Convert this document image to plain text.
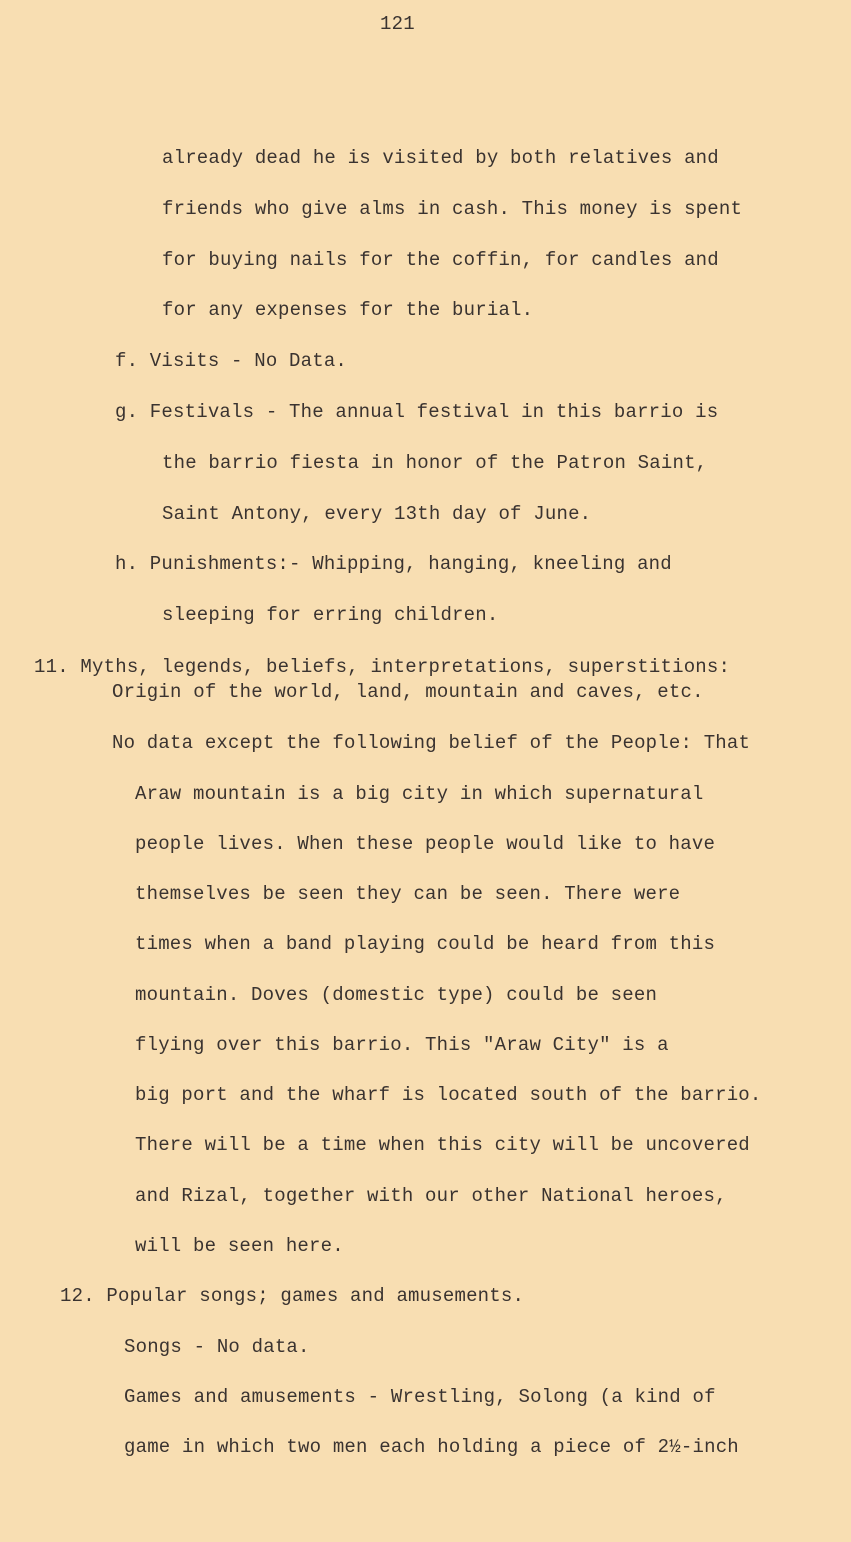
121
already dead he is visited by both relatives and
friends who give alms in cash. This money is spent
for buying nails for the coffin, for candles and
for any expenses for the burial.
f. Visits - No Data.
g. Festivals - The annual festival in this barrio is
the barrio fiesta in honor of the Patron Saint,
Saint Antony, every 13th day of June.
h. Punishments:- Whipping, hanging, kneeling and
sleeping for erring children.
11. Myths, legends, beliefs, interpretations, superstitions:
Origin of the world, land, mountain and caves, etc.
No data except the following belief of the People: That
Araw mountain is a big city in which supernatural
people lives. When these people would like to have
themselves be seen they can be seen. There were
times when a band playing could be heard from this
mountain. Doves (domestic type) could be seen
flying over this barrio. This "Araw City" is a
big port and the wharf is located south of the barrio.
There will be a time when this city will be uncovered
and Rizal, together with our other National heroes,
will be seen here.
12. Popular songs; games and amusements.
Songs - No data.
Games and amusements - Wrestling, Solong (a kind of
game in which two men each holding a piece of 2½-inch
